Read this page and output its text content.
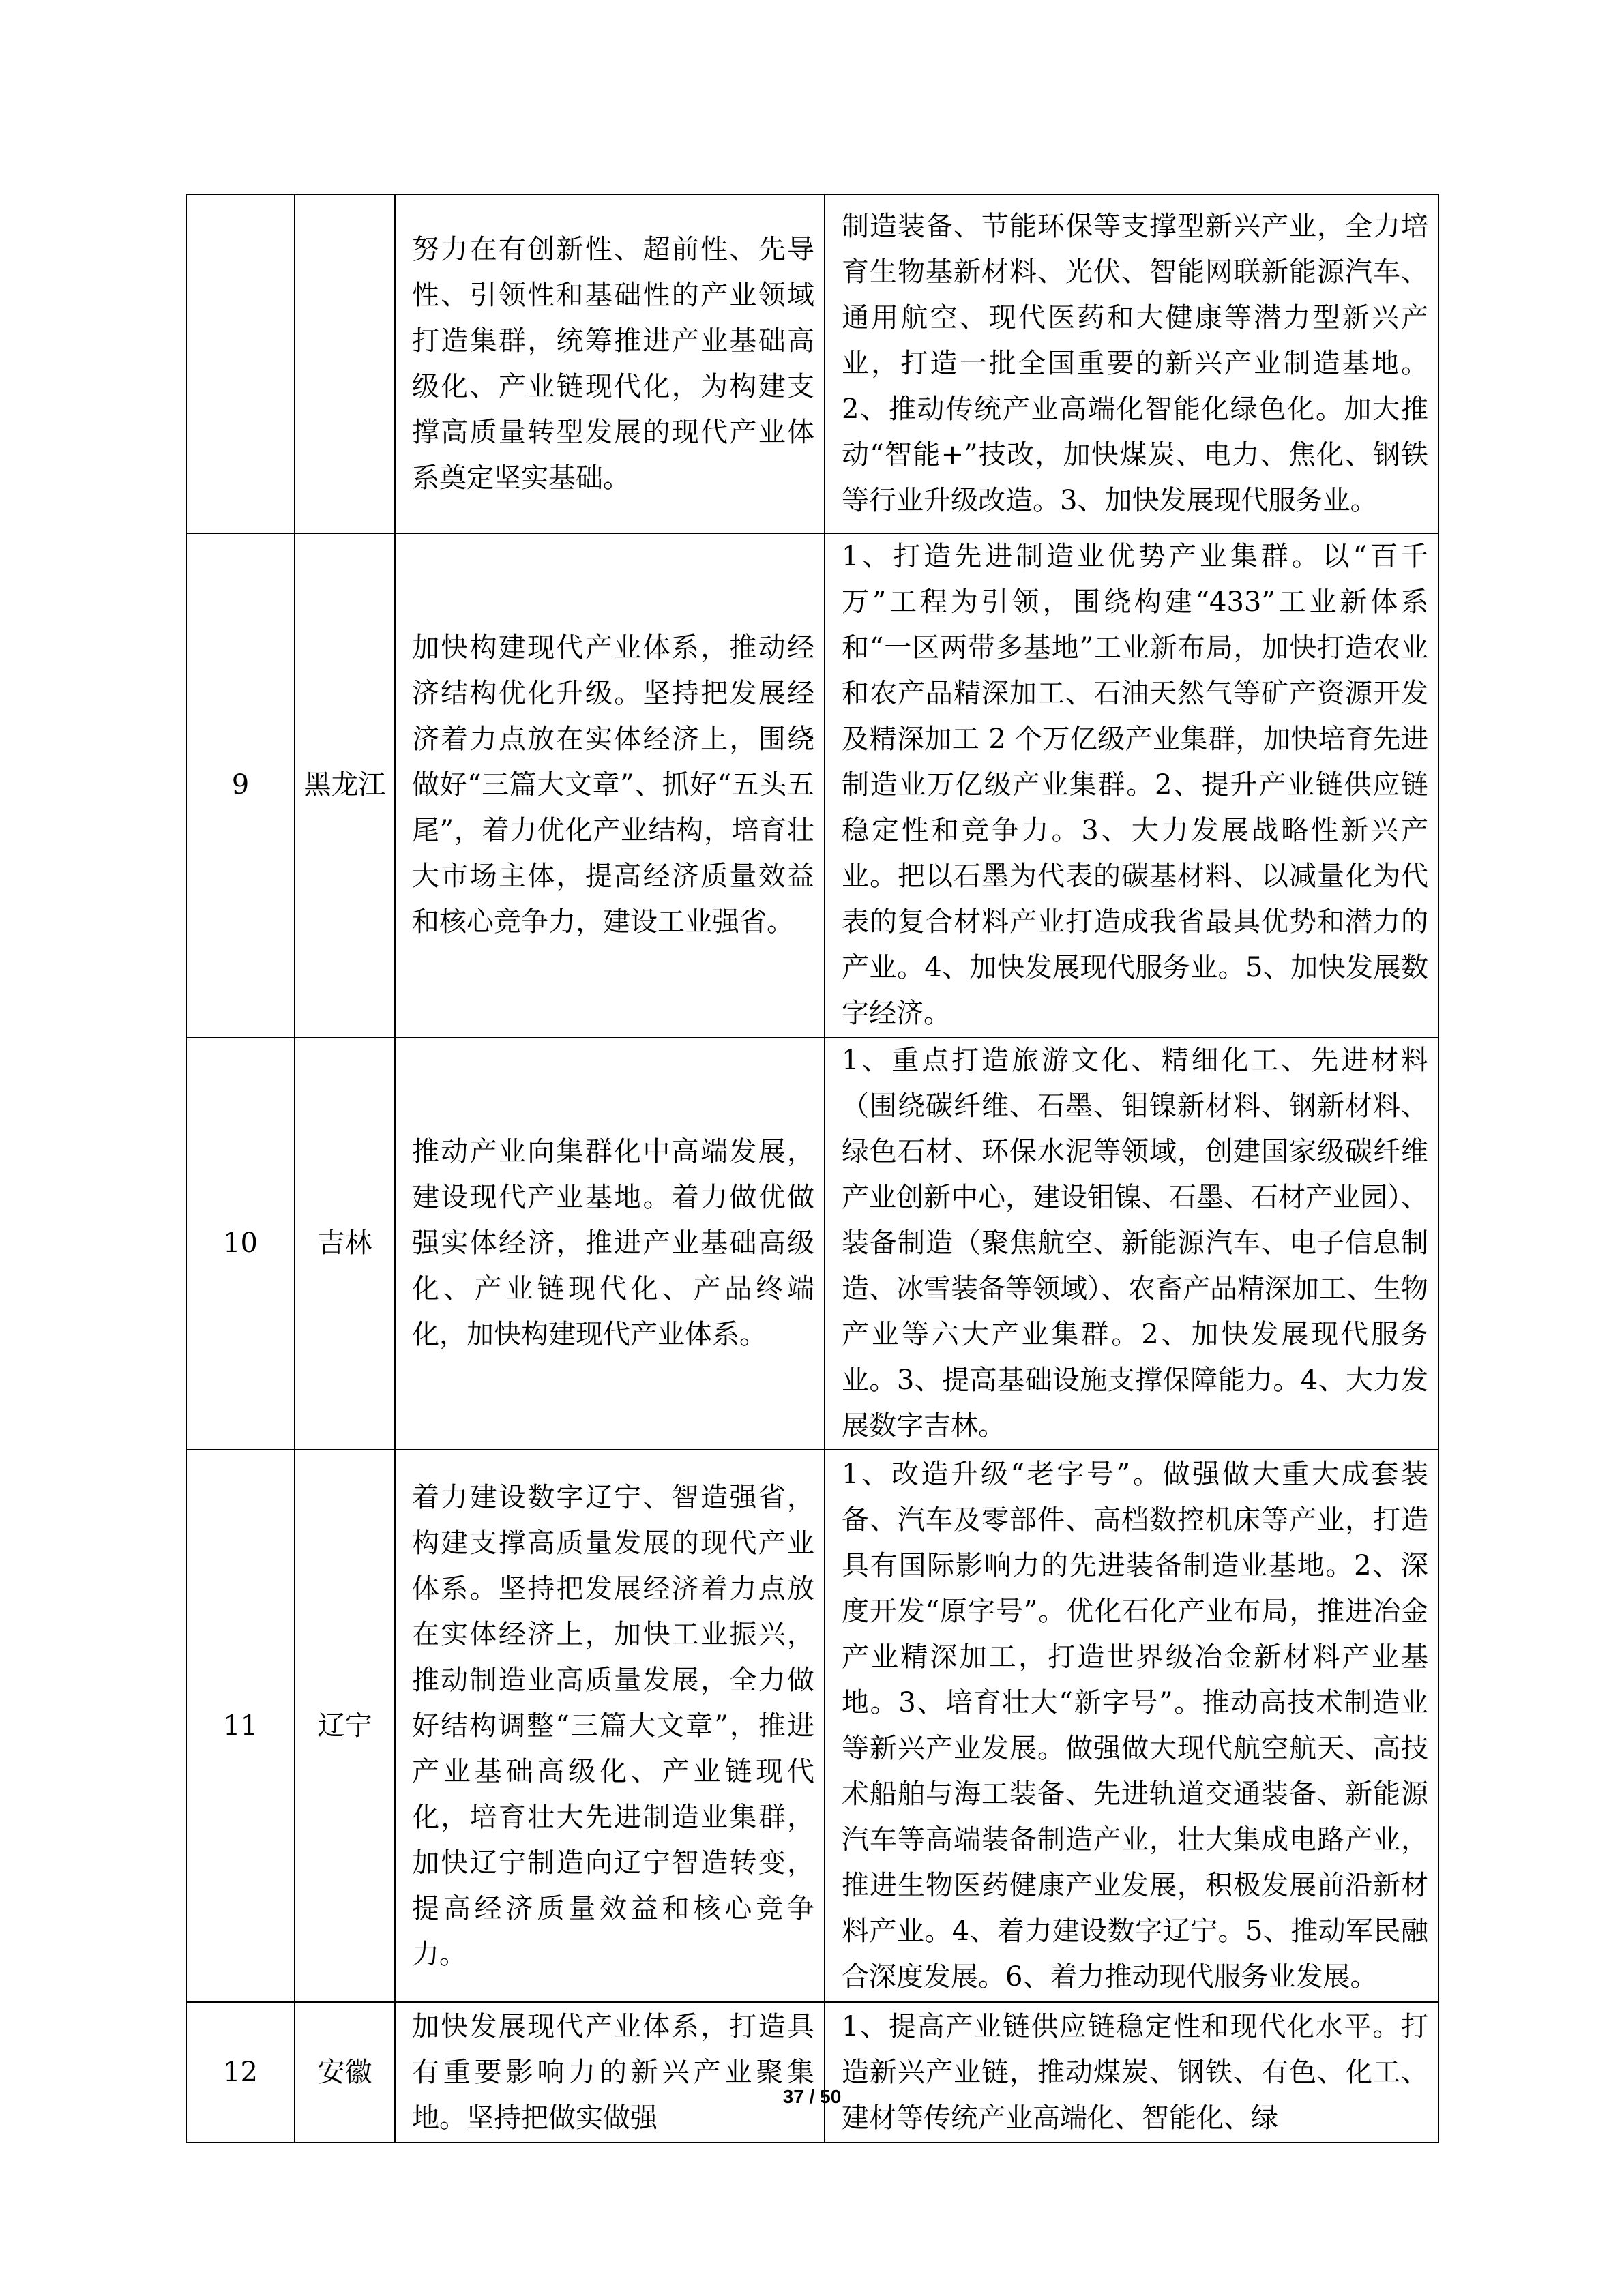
		努力在有创新性、超前性、先导性、引领性和基础性的产业领域打造集群，统筹推进产业基础高级化、产业链现代化，为构建支撑高质量转型发展的现代产业体系奠定坚实基础。	制造装备、节能环保等支撑型新兴产业，全力培育生物基新材料、光伏、智能网联新能源汽车、通用航空、现代医药和大健康等潜力型新兴产业，打造一批全国重要的新兴产业制造基地。2、推动传统产业高端化智能化绿色化。加大推动“智能+”技改，加快煤炭、电力、焦化、钢铁等行业升级改造。3、加快发展现代服务业。
9	黑龙江	加快构建现代产业体系，推动经济结构优化升级。坚持把发展经济着力点放在实体经济上，围绕做好“三篇大文章”、抓好“五头五尾”，着力优化产业结构，培育壮大市场主体，提高经济质量效益和核心竞争力，建设工业强省。	1、打造先进制造业优势产业集群。以“百千万”工程为引领，围绕构建“433”工业新体系和“一区两带多基地”工业新布局，加快打造农业和农产品精深加工、石油天然气等矿产资源开发及精深加工 2 个万亿级产业集群，加快培育先进制造业万亿级产业集群。2、提升产业链供应链稳定性和竞争力。3、大力发展战略性新兴产业。把以石墨为代表的碳基材料、以减量化为代表的复合材料产业打造成我省最具优势和潜力的产业。4、加快发展现代服务业。5、加快发展数字经济。
10	吉林	推动产业向集群化中高端发展，建设现代产业基地。着力做优做强实体经济，推进产业基础高级化、产业链现代化、产品终端化，加快构建现代产业体系。	1、重点打造旅游文化、精细化工、先进材料（围绕碳纤维、石墨、钼镍新材料、钢新材料、绿色石材、环保水泥等领域，创建国家级碳纤维产业创新中心，建设钼镍、石墨、石材产业园）、装备制造（聚焦航空、新能源汽车、电子信息制造、冰雪装备等领域）、农畜产品精深加工、生物产业等六大产业集群。2、加快发展现代服务业。3、提高基础设施支撑保障能力。4、大力发展数字吉林。
11	辽宁	着力建设数字辽宁、智造强省，构建支撑高质量发展的现代产业体系。坚持把发展经济着力点放在实体经济上，加快工业振兴，推动制造业高质量发展，全力做好结构调整“三篇大文章”，推进产业基础高级化、产业链现代化，培育壮大先进制造业集群，加快辽宁制造向辽宁智造转变，提高经济质量效益和核心竞争力。	1、改造升级“老字号”。做强做大重大成套装备、汽车及零部件、高档数控机床等产业，打造具有国际影响力的先进装备制造业基地。2、深度开发“原字号”。优化石化产业布局，推进冶金产业精深加工，打造世界级冶金新材料产业基地。3、培育壮大“新字号”。推动高技术制造业等新兴产业发展。做强做大现代航空航天、高技术船舶与海工装备、先进轨道交通装备、新能源汽车等高端装备制造产业，壮大集成电路产业，推进生物医药健康产业发展，积极发展前沿新材料产业。4、着力建设数字辽宁。5、推动军民融合深度发展。6、着力推动现代服务业发展。
12	安徽	加快发展现代产业体系，打造具有重要影响力的新兴产业聚集地。坚持把做实做强	1、提高产业链供应链稳定性和现代化水平。打造新兴产业链，推动煤炭、钢铁、有色、化工、建材等传统产业高端化、智能化、绿
37 / 50
